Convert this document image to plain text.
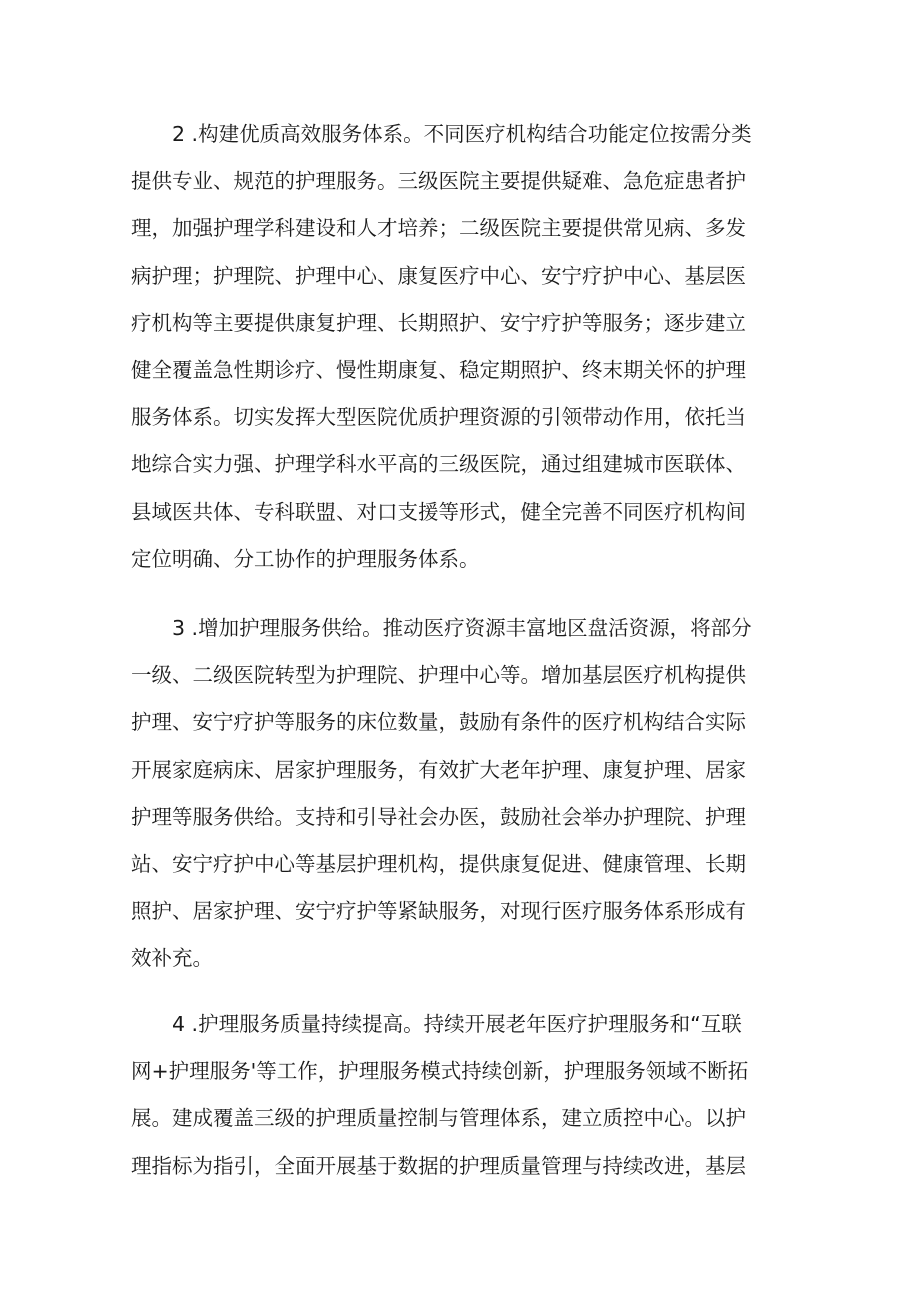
2 .构建优质高效服务体系。不同医疗机构结合功能定位按需分类
提供专业、规范的护理服务。三级医院主要提供疑难、急危症患者护
理，加强护理学科建设和人才培养；二级医院主要提供常见病、多发
病护理；护理院、护理中心、康复医疗中心、安宁疗护中心、基层医
疗机构等主要提供康复护理、长期照护、安宁疗护等服务；逐步建立
健全覆盖急性期诊疗、慢性期康复、稳定期照护、终末期关怀的护理
服务体系。切实发挥大型医院优质护理资源的引领带动作用，依托当
地综合实力强、护理学科水平高的三级医院，通过组建城市医联体、
县域医共体、专科联盟、对口支援等形式，健全完善不同医疗机构间
定位明确、分工协作的护理服务体系。
3 .增加护理服务供给。推动医疗资源丰富地区盘活资源，将部分
一级、二级医院转型为护理院、护理中心等。增加基层医疗机构提供
护理、安宁疗护等服务的床位数量，鼓励有条件的医疗机构结合实际
开展家庭病床、居家护理服务，有效扩大老年护理、康复护理、居家
护理等服务供给。支持和引导社会办医，鼓励社会举办护理院、护理
站、安宁疗护中心等基层护理机构，提供康复促进、健康管理、长期
照护、居家护理、安宁疗护等紧缺服务，对现行医疗服务体系形成有
效补充。
4 .护理服务质量持续提高。持续开展老年医疗护理服务和“互联
网+护理服务'等工作，护理服务模式持续创新，护理服务领域不断拓
展。建成覆盖三级的护理质量控制与管理体系，建立质控中心。以护
理指标为指引，全面开展基于数据的护理质量管理与持续改进，基层
